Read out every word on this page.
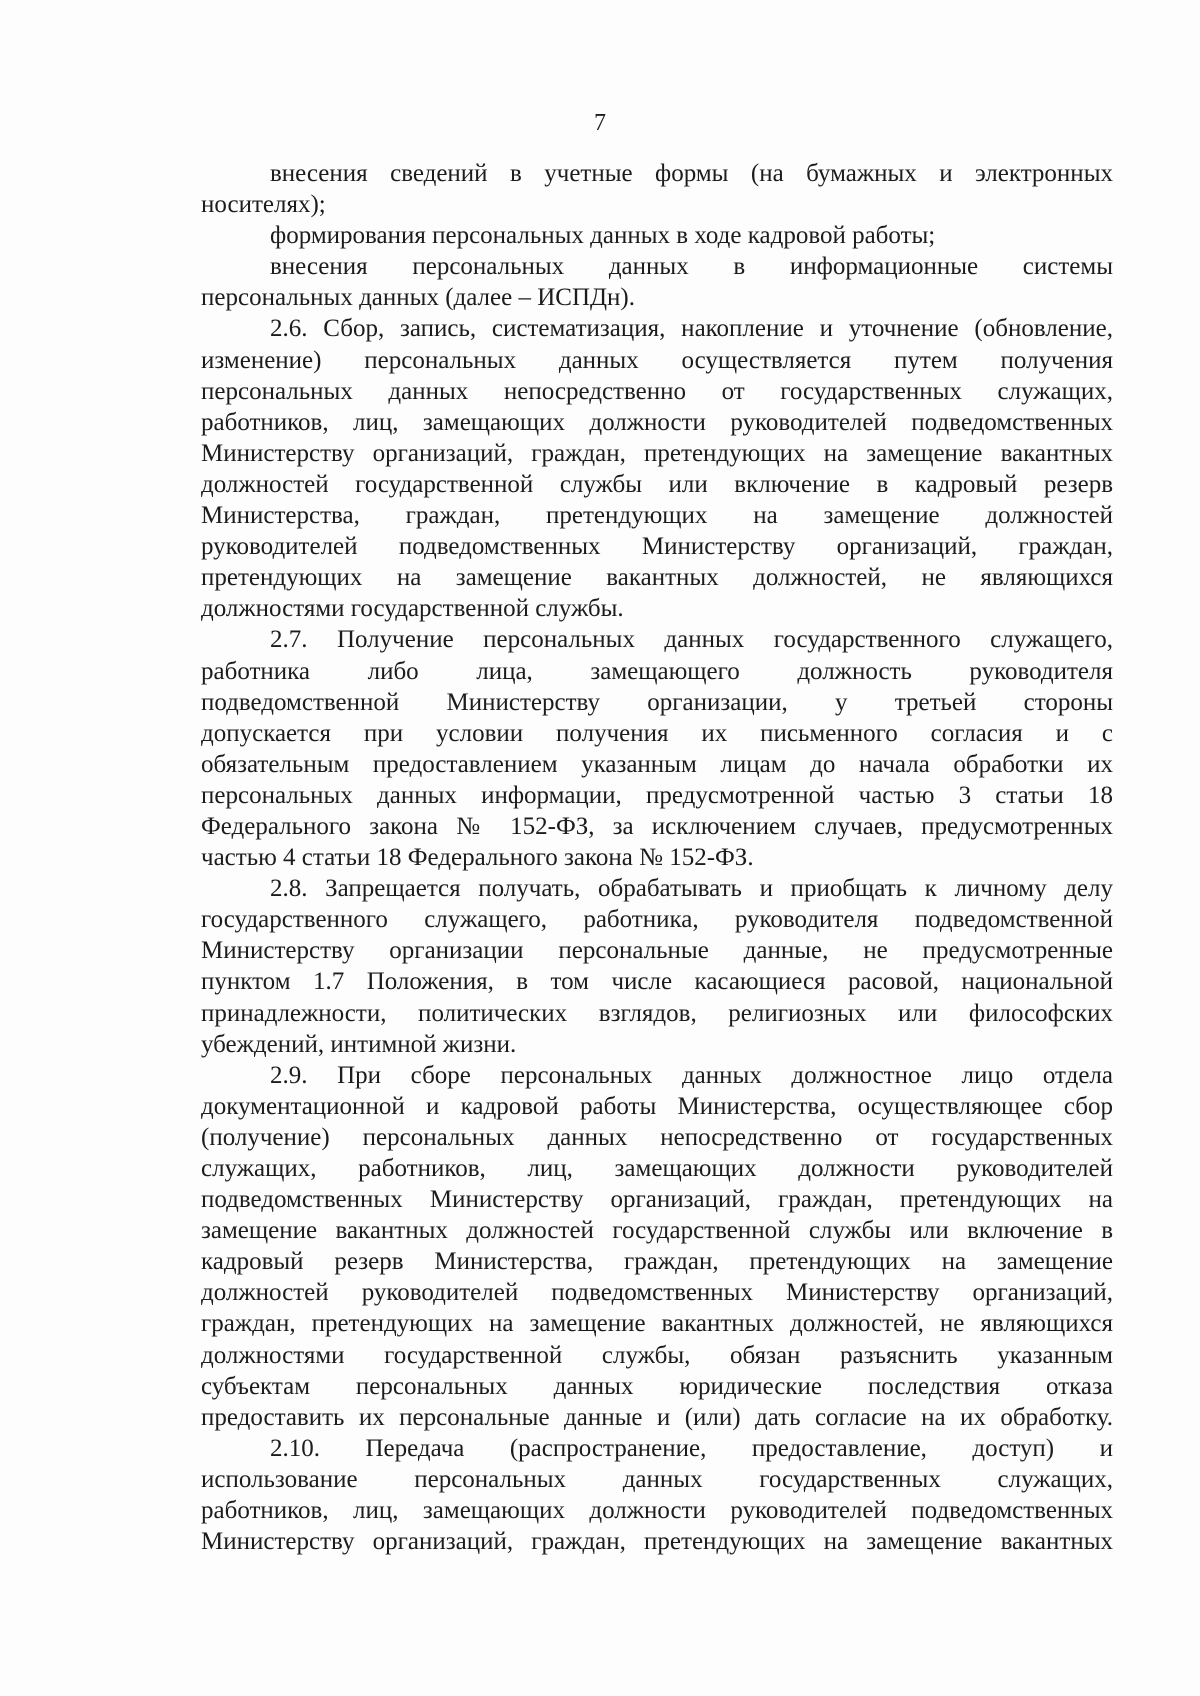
7
внесения сведений в учетные формы (на бумажных и электронных
носителях);
формирования персональных данных в ходе кадровой работы;
внесения персональных данных в информационные системы
персональных данных (далее – ИСПДн).
2.6. Сбор, запись, систематизация, накопление и уточнение (обновление,
изменение) персональных данных осуществляется путем получения
персональных данных непосредственно от государственных служащих,
работников, лиц, замещающих должности руководителей подведомственных
Министерству организаций, граждан, претендующих на замещение вакантных
должностей государственной службы или включение в кадровый резерв
Министерства, граждан, претендующих на замещение должностей
руководителей подведомственных Министерству организаций, граждан,
претендующих на замещение вакантных должностей, не являющихся
должностями государственной службы.
2.7. Получение персональных данных государственного служащего,
работника либо лица, замещающего должность руководителя
подведомственной Министерству организации, у третьей стороны
допускается при условии получения их письменного согласия и с
обязательным предоставлением указанным лицам до начала обработки их
персональных данных информации, предусмотренной частью 3 статьи 18
Федерального закона № 152-ФЗ, за исключением случаев, предусмотренных
частью 4 статьи 18 Федерального закона № 152-ФЗ.
2.8. Запрещается получать, обрабатывать и приобщать к личному делу
государственного служащего, работника, руководителя подведомственной
Министерству организации персональные данные, не предусмотренные
пунктом 1.7 Положения, в том числе касающиеся расовой, национальной
принадлежности, политических взглядов, религиозных или философских
убеждений, интимной жизни.
2.9. При сборе персональных данных должностное лицо отдела
документационной и кадровой работы Министерства, осуществляющее сбор
(получение) персональных данных непосредственно от государственных
служащих, работников, лиц, замещающих должности руководителей
подведомственных Министерству организаций, граждан, претендующих на
замещение вакантных должностей государственной службы или включение в
кадровый резерв Министерства, граждан, претендующих на замещение
должностей руководителей подведомственных Министерству организаций,
граждан, претендующих на замещение вакантных должностей, не являющихся
должностями государственной службы, обязан разъяснить указанным
субъектам персональных данных юридические последствия отказа
предоставить их персональные данные и (или) дать согласие на их обработку.
2.10. Передача (распространение, предоставление, доступ) и
использование персональных данных государственных служащих,
работников, лиц, замещающих должности руководителей подведомственных
Министерству организаций, граждан, претендующих на замещение вакантных
